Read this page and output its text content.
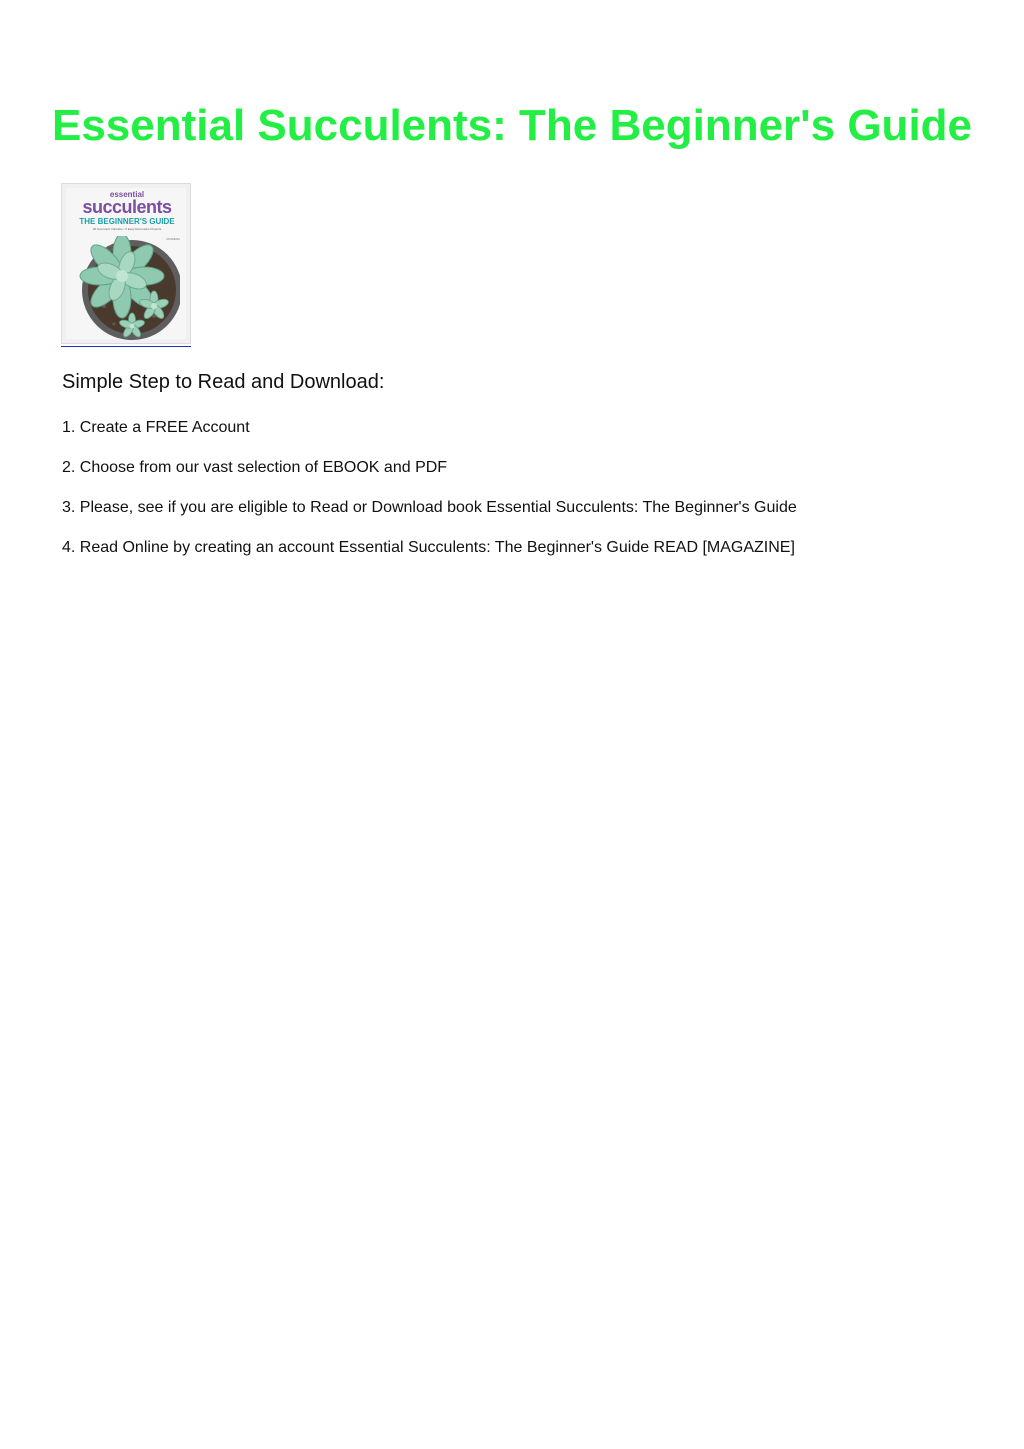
Essential Succulents: The Beginner's Guide
essential
succulents
THE BEGINNER'S GUIDE
30 Succulent Varieties • 5 Easy Decorative Projects
ROWENA
Simple Step to Read and Download:
1. Create a FREE Account
2. Choose from our vast selection of EBOOK and PDF
3. Please, see if you are eligible to Read or Download book Essential Succulents: The Beginner's Guide
4. Read Online by creating an account Essential Succulents: The Beginner's Guide READ [MAGAZINE]
